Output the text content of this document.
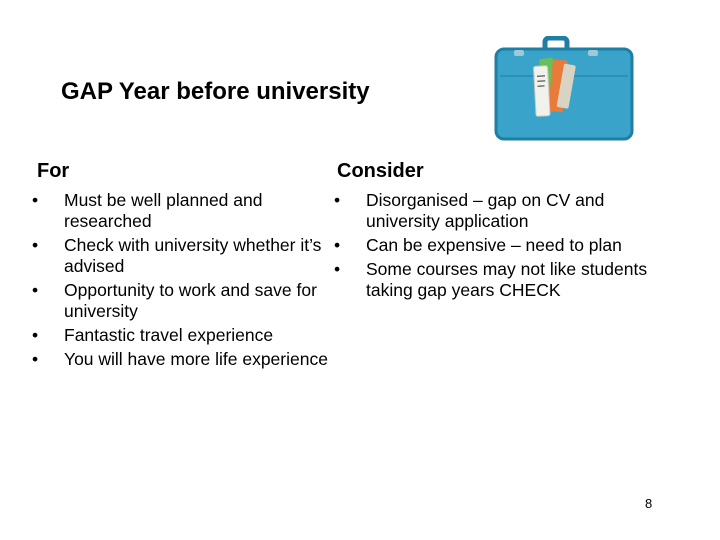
GAP Year before university
For	Consider
• Must be well planned and researched
• Check with university whether it’s advised
• Opportunity to work and save for university
• Fantastic travel experience
• You will have more life experience
• Disorganised – gap on CV and university application
• Can be expensive – need to plan
• Some courses may not like students taking gap years CHECK
8
